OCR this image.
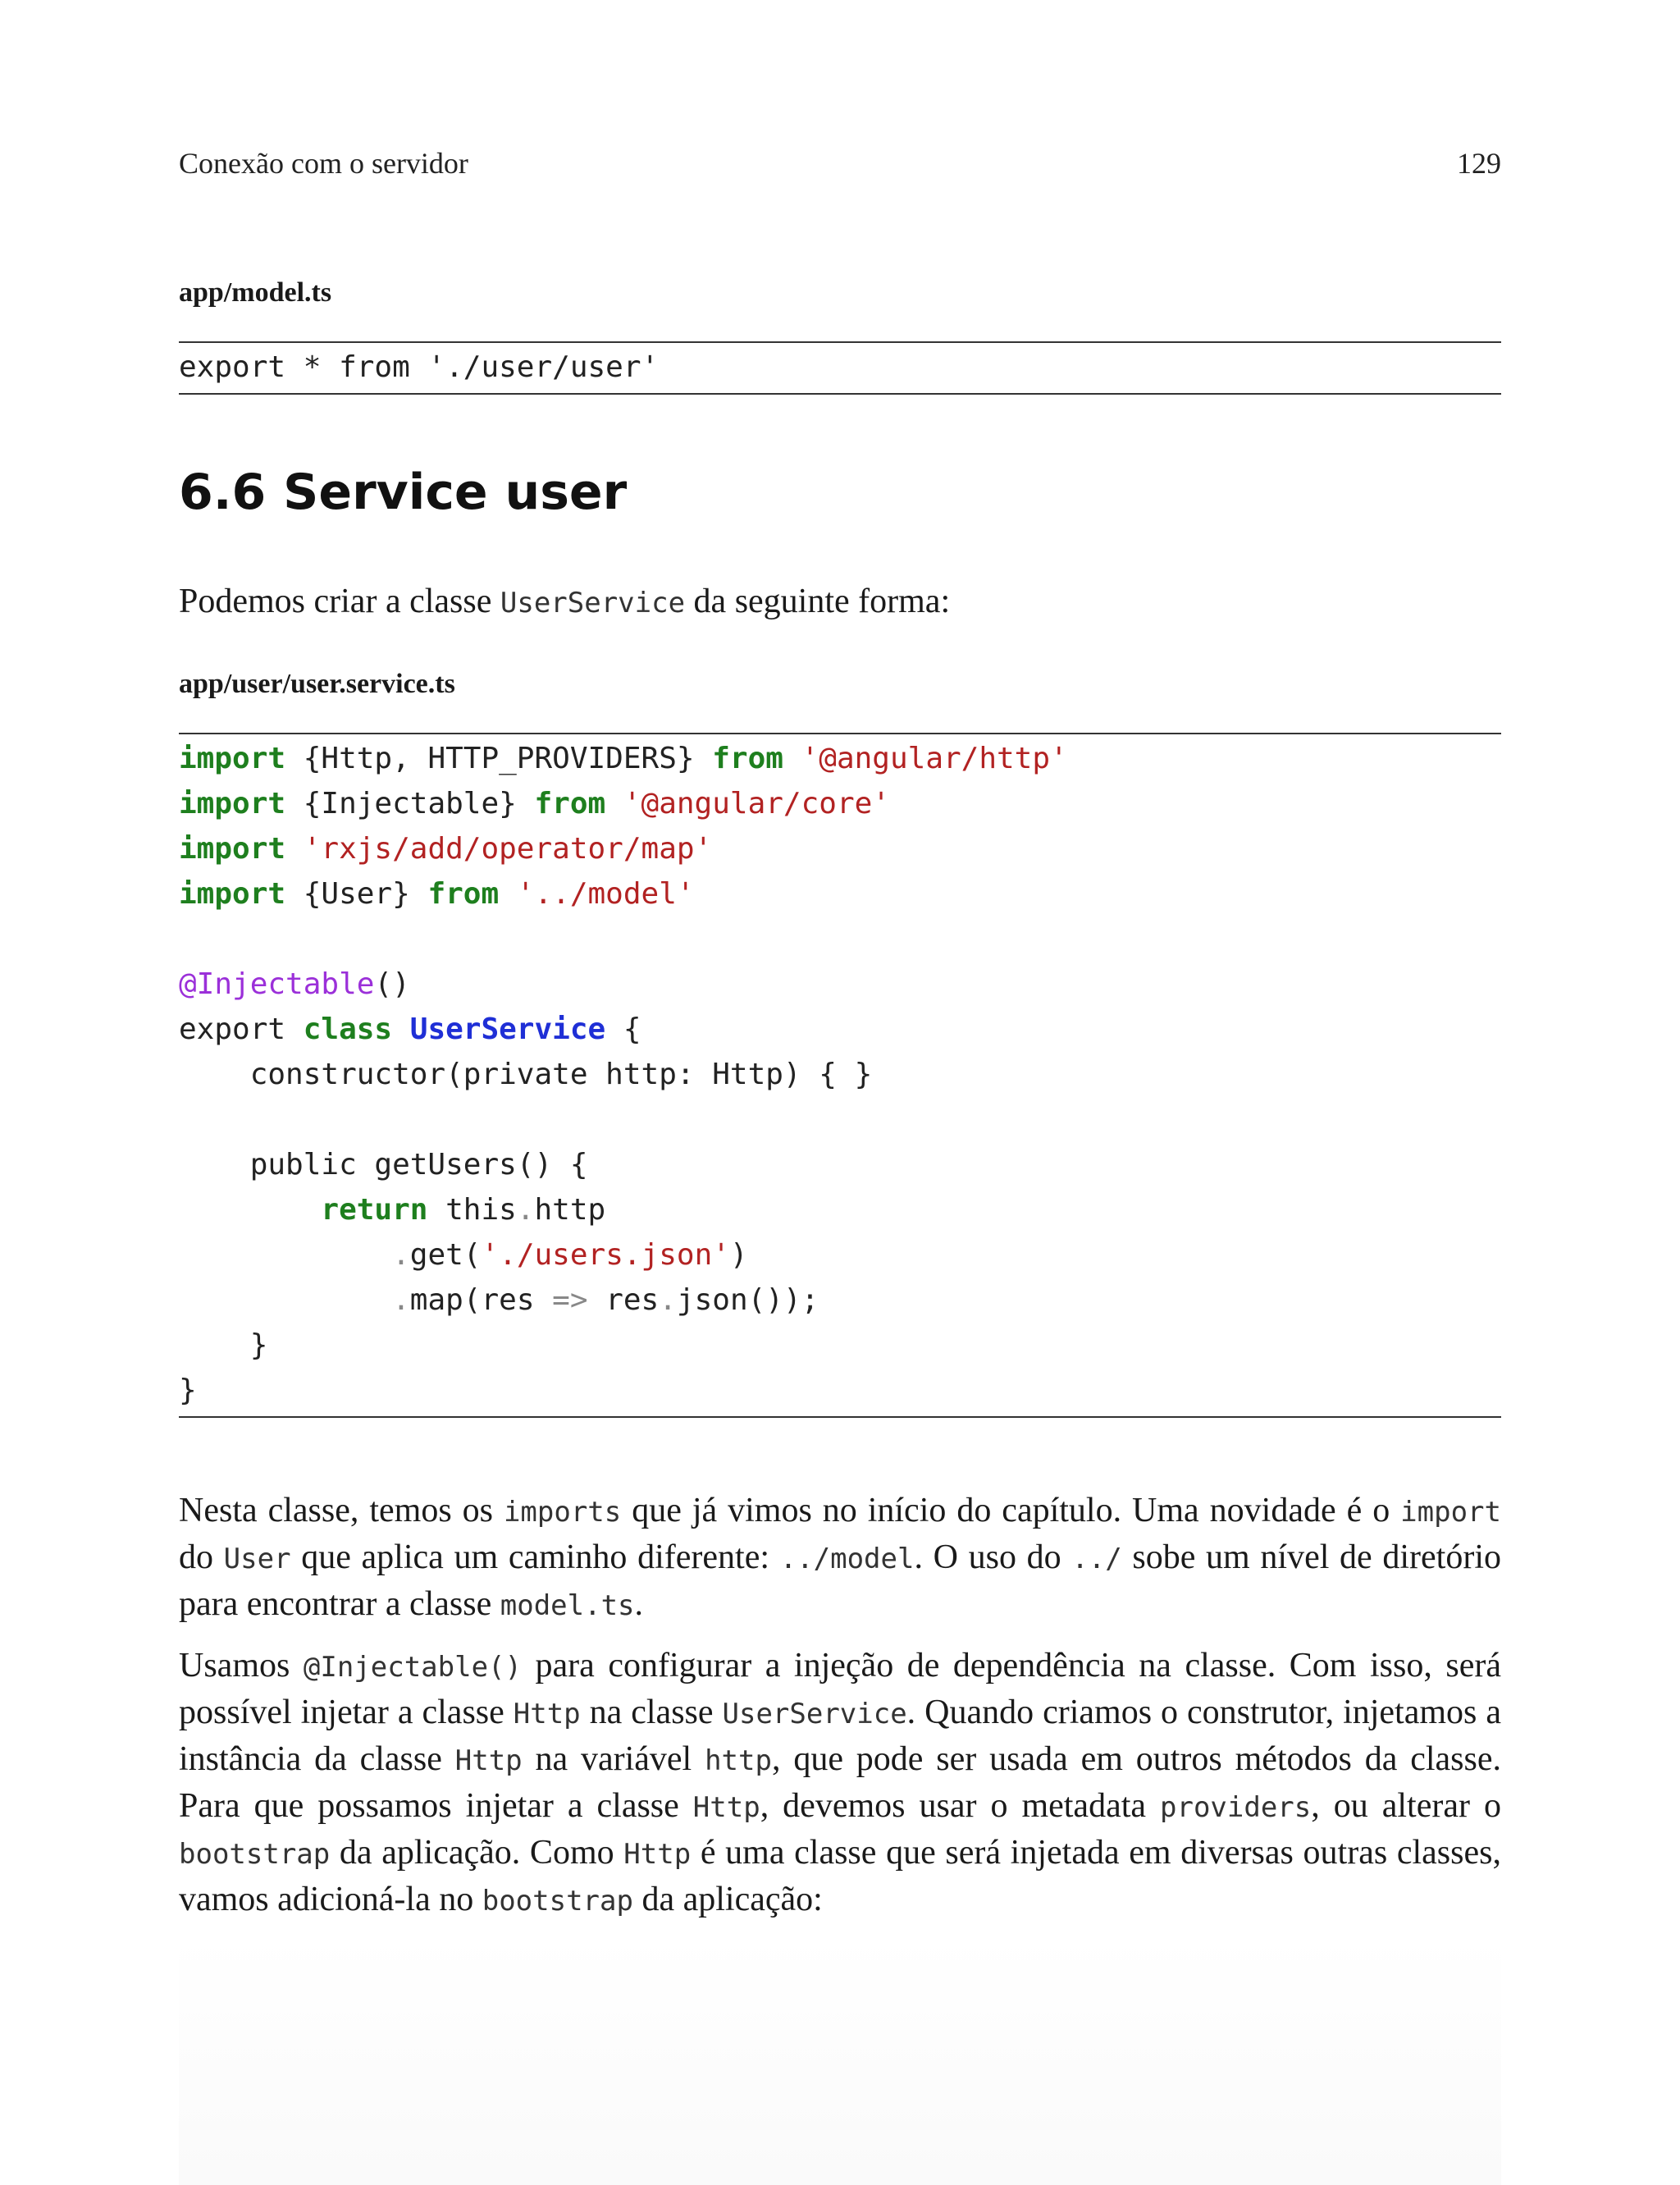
Conexão com o servidor	129
app/model.ts
export * from './user/user'
6.6 Service user

Podemos criar a classe UserService da seguinte forma:

app/user/user.service.ts
import {Http, HTTP_PROVIDERS} from '@angular/http'
import {Injectable} from '@angular/core'
import 'rxjs/add/operator/map'
import {User} from '../model'

@Injectable()
export class UserService {
constructor(private http: Http) { }

public getUsers() {
return this.http
.get('./users.json')
.map(res => res.json());
}
}

Nesta classe, temos os imports que já vimos no início do capítulo. Uma novidade é o import do User que aplica um caminho diferente: ../model. O uso do ../ sobe um nível de diretório para encontrar a classe model.ts.

Usamos @Injectable() para configurar a injeção de dependência na classe. Com isso, será possível injetar a classe Http na classe UserService. Quando criamos o construtor, injetamos a instância da classe Http na variável http, que pode ser usada em outros métodos da classe. Para que possamos injetar a classe Http, devemos usar o metadata providers, ou alterar o bootstrap da aplicação. Como Http é uma classe que será injetada em diversas outras classes, vamos adicioná-la no bootstrap da aplicação:
